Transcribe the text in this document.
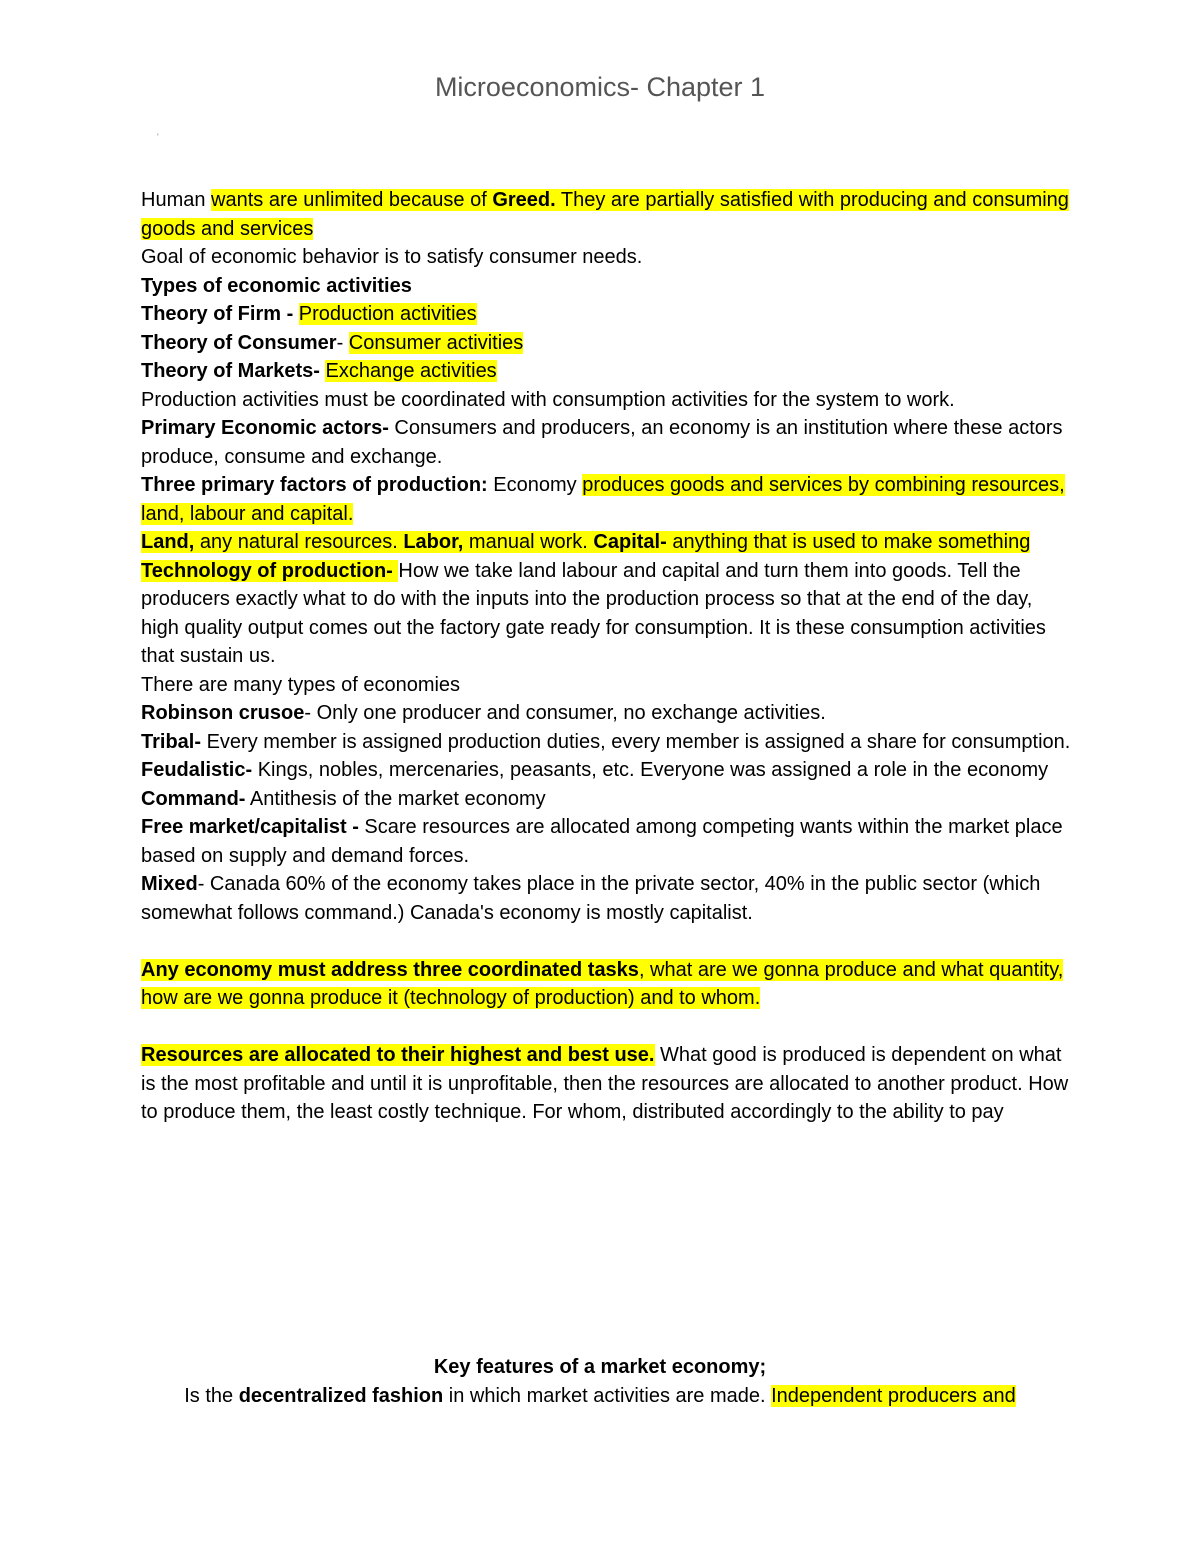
Microeconomics- Chapter 1
'

Human wants are unlimited because of Greed. They are partially satisfied with producing and consuming goods and services

Goal of economic behavior is to satisfy consumer needs.

Types of economic activities

Theory of Firm - Production activities

Theory of Consumer- Consumer activities

Theory of Markets- Exchange activities

Production activities must be coordinated with consumption activities for the system to work.

Primary Economic actors- Consumers and producers, an economy is an institution where these actors produce, consume and exchange.

Three primary factors of production: Economy produces goods and services by combining resources, land, labour and capital.

Land, any natural resources. Labor, manual work. Capital- anything that is used to make something

Technology of production- How we take land labour and capital and turn them into goods. Tell the producers exactly what to do with the inputs into the production process so that at the end of the day, high quality output comes out the factory gate ready for consumption. It is these consumption activities that sustain us.

There are many types of economies

Robinson crusoe- Only one producer and consumer, no exchange activities.

Tribal- Every member is assigned production duties, every member is assigned a share for consumption.

Feudalistic- Kings, nobles, mercenaries, peasants, etc. Everyone was assigned a role in the economy

Command- Antithesis of the market economy

Free market/capitalist - Scare resources are allocated among competing wants within the market place based on supply and demand forces.

Mixed- Canada 60% of the economy takes place in the private sector, 40% in the public sector (which somewhat follows command.) Canada's economy is mostly capitalist.

Any economy must address three coordinated tasks, what are we gonna produce and what quantity, how are we gonna produce it (technology of production) and to whom.

Resources are allocated to their highest and best use. What good is produced is dependent on what is the most profitable and until it is unprofitable, then the resources are allocated to another product. How to produce them, the least costly technique. For whom, distributed accordingly to the ability to pay

Key features of a market economy;

Is the decentralized fashion in which market activities are made. Independent producers and
